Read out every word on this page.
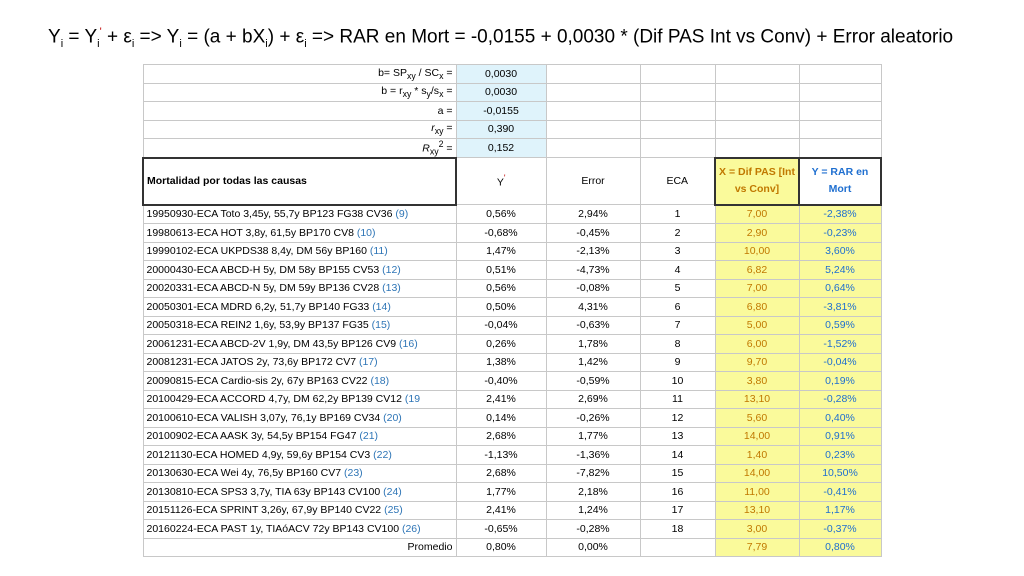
$Y_i = Y_i' + \varepsilon_i => Y_i = (a + bX_i) + \varepsilon_i$ => RAR en Mort = -0,0155 + 0,0030 * (Dif PAS Int vs Conv) + Error aleatorio
$b= SP_{xy} / SC_x$ =	0,0030					
$b = r_{xy} * s_y/s_x$ =	0,0030					
a =	-0,0155					
$r_{xy}$ =	0,390					
$R_{xy}^2$ =	0,152					
Mortalidad por todas las causas	Y'	Error	ECA	X = Dif PAS [Int vs Conv]	Y = RAR en Mort	
19950930-ECA Toto 3,45y, 55,7y BP123 FG38 CV36 (9)	0,56%	2,94%	1	7,00	-2,38%	
19980613-ECA HOT 3,8y, 61,5y BP170 CV8 (10)	-0,68%	-0,45%	2	2,90	-0,23%	
19990102-ECA UKPDS38 8,4y, DM 56y BP160 (11)	1,47%	-2,13%	3	10,00	3,60%	
20000430-ECA ABCD-H 5y, DM 58y BP155 CV53 (12)	0,51%	-4,73%	4	6,82	5,24%	
20020331-ECA ABCD-N 5y, DM 59y BP136 CV28 (13)	0,56%	-0,08%	5	7,00	0,64%	
20050301-ECA MDRD 6,2y, 51,7y BP140 FG33 (14)	0,50%	4,31%	6	6,80	-3,81%	
20050318-ECA REIN2 1,6y, 53,9y BP137 FG35 (15)	-0,04%	-0,63%	7	5,00	0,59%	
20061231-ECA ABCD-2V 1,9y, DM 43,5y BP126 CV9 (16)	0,26%	1,78%	8	6,00	-1,52%	
20081231-ECA JATOS 2y, 73,6y BP172 CV7 (17)	1,38%	1,42%	9	9,70	-0,04%	
20090815-ECA Cardio-sis 2y, 67y BP163 CV22 (18)	-0,40%	-0,59%	10	3,80	0,19%	
20100429-ECA ACCORD 4,7y, DM 62,2y BP139 CV12 (19	2,41%	2,69%	11	13,10	-0,28%	
20100610-ECA VALISH 3,07y, 76,1y BP169 CV34 (20)	0,14%	-0,26%	12	5,60	0,40%	
20100902-ECA AASK 3y, 54,5y BP154 FG47 (21)	2,68%	1,77%	13	14,00	0,91%	
20121130-ECA HOMED 4,9y, 59,6y BP154 CV3 (22)	-1,13%	-1,36%	14	1,40	0,23%	
20130630-ECA Wei 4y, 76,5y BP160 CV7 (23)	2,68%	-7,82%	15	14,00	10,50%	
20130810-ECA SPS3 3,7y, TIA 63y BP143 CV100 (24)	1,77%	2,18%	16	11,00	-0,41%	
20151126-ECA SPRINT 3,26y, 67,9y BP140 CV22 (25)	2,41%	1,24%	17	13,10	1,17%	
20160224-ECA PAST 1y, TIAóACV 72y BP143 CV100 (26)	-0,65%	-0,28%	18	3,00	-0,37%	
Promedio	0,80%	0,00%		7,79	0,80%	
